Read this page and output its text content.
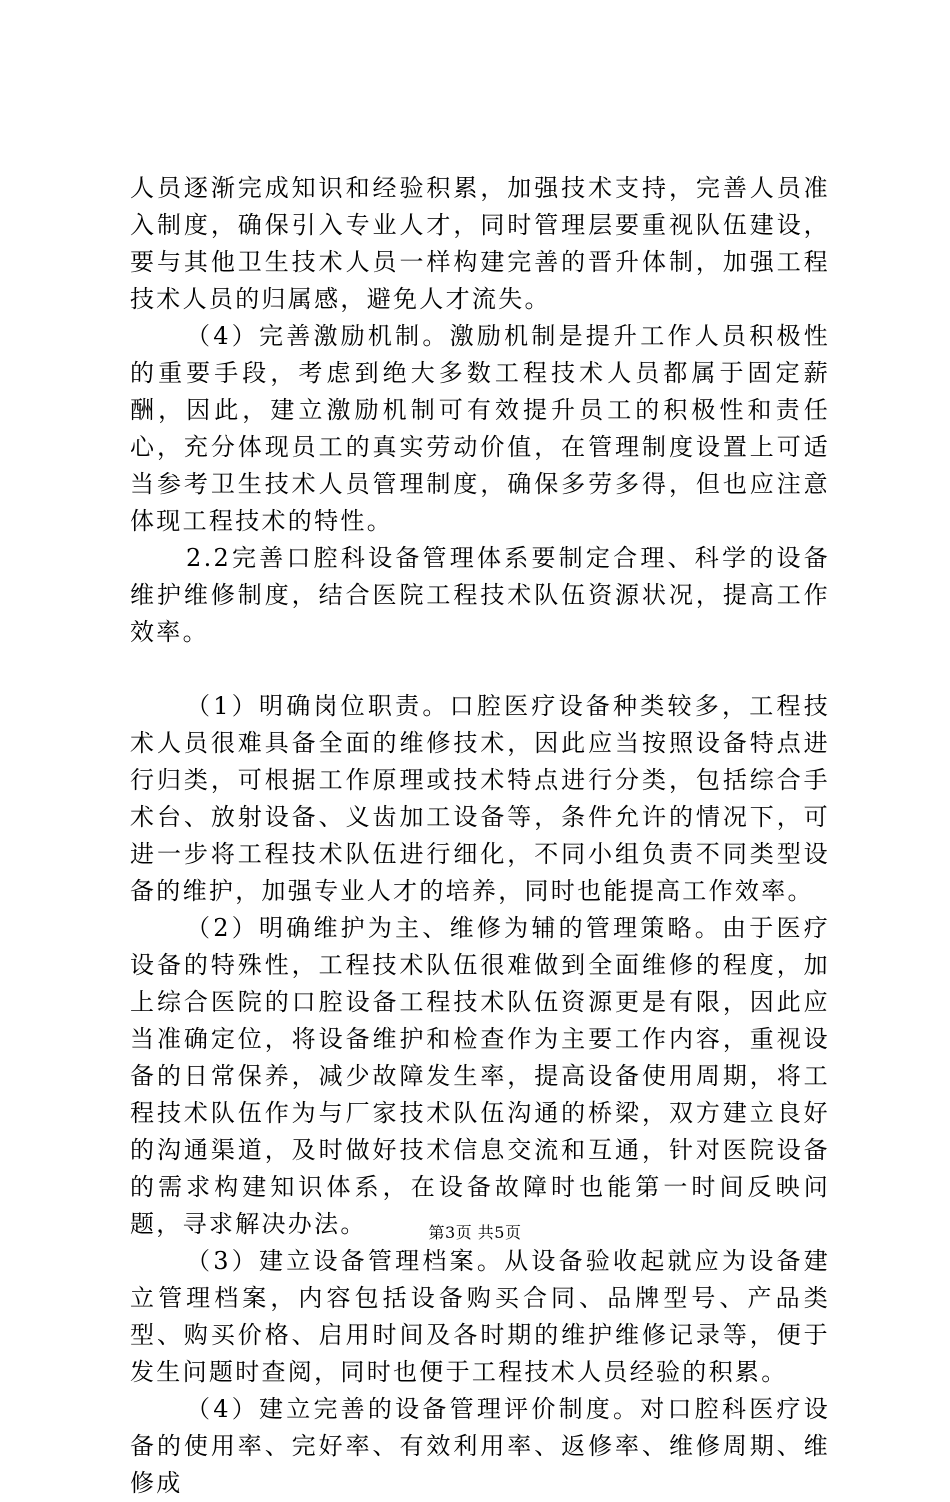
人员逐渐完成知识和经验积累，加强技术支持，完善人员准入制度，确保引入专业人才，同时管理层要重视队伍建设，要与其他卫生技术人员一样构建完善的晋升体制，加强工程技术人员的归属感，避免人才流失。

（4）完善激励机制。激励机制是提升工作人员积极性的重要手段，考虑到绝大多数工程技术人员都属于固定薪酬，因此，建立激励机制可有效提升员工的积极性和责任心，充分体现员工的真实劳动价值，在管理制度设置上可适当参考卫生技术人员管理制度，确保多劳多得，但也应注意体现工程技术的特性。

2.2完善口腔科设备管理体系要制定合理、科学的设备维护维修制度，结合医院工程技术队伍资源状况，提高工作效率。

（1）明确岗位职责。口腔医疗设备种类较多，工程技术人员很难具备全面的维修技术，因此应当按照设备特点进行归类，可根据工作原理或技术特点进行分类，包括综合手术台、放射设备、义齿加工设备等，条件允许的情况下，可进一步将工程技术队伍进行细化，不同小组负责不同类型设备的维护，加强专业人才的培养，同时也能提高工作效率。

（2）明确维护为主、维修为辅的管理策略。由于医疗设备的特殊性，工程技术队伍很难做到全面维修的程度，加上综合医院的口腔设备工程技术队伍资源更是有限，因此应当准确定位，将设备维护和检查作为主要工作内容，重视设备的日常保养，减少故障发生率，提高设备使用周期，将工程技术队伍作为与厂家技术队伍沟通的桥梁，双方建立良好的沟通渠道，及时做好技术信息交流和互通，针对医院设备的需求构建知识体系，在设备故障时也能第一时间反映问题，寻求解决办法。

（3）建立设备管理档案。从设备验收起就应为设备建立管理档案，内容包括设备购买合同、品牌型号、产品类型、购买价格、启用时间及各时期的维护维修记录等，便于发生问题时查阅，同时也便于工程技术人员经验的积累。

（4）建立完善的设备管理评价制度。对口腔科医疗设备的使用率、完好率、有效利用率、返修率、维修周期、维修成

第3页 共5页
